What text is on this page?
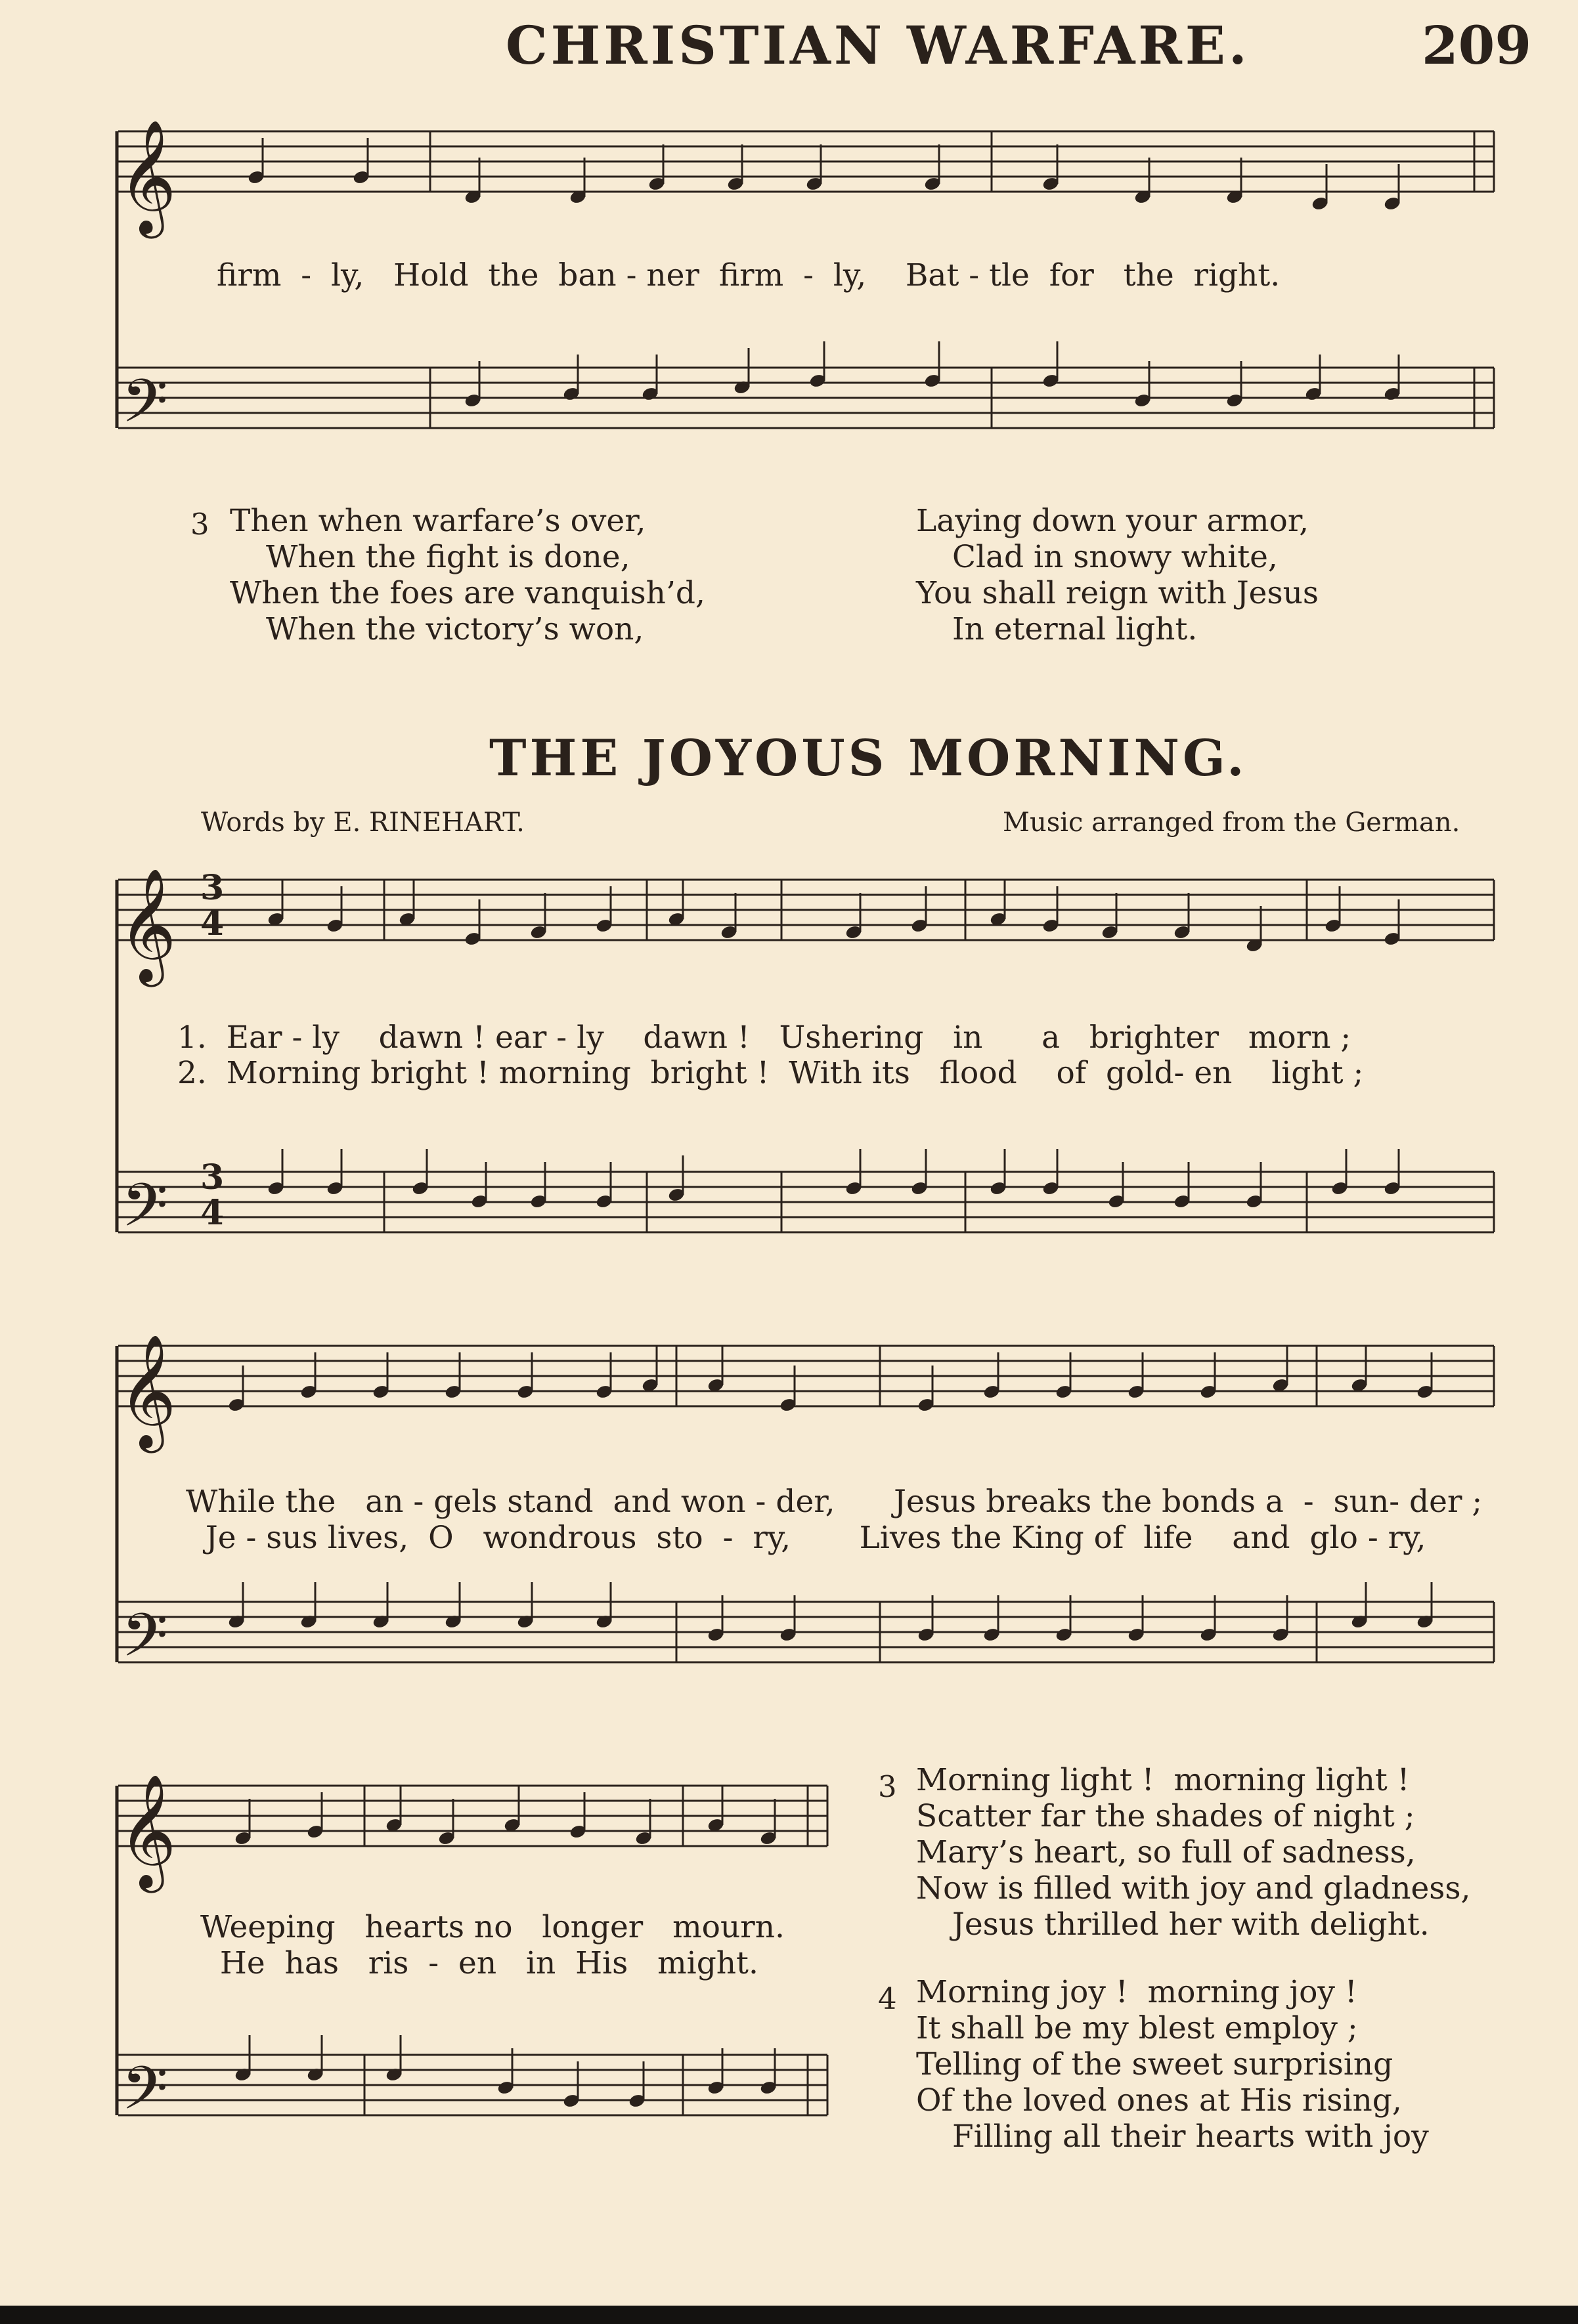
CHRISTIAN WARFARE.	209
𝄞
𝄢
𝄞
𝄢
𝄞
𝄢
𝄞
𝄢
firm  -  ly,   Hold  the  ban - ner  firm  -  ly,    Bat - tle  for   the  right.
3 Then when warfare’s over,
When the fight is done,
When the foes are vanquish’d,
When the victory’s won,
Laying down your armor,
Clad in snowy white,
You shall reign with Jesus
In eternal light.
THE JOYOUS MORNING.
Words by E. RINEHART.	Music arranged from the German.
3
4
3
4
1.  Ear - ly    dawn ! ear - ly    dawn !   Ushering   in      a   brighter   morn ;
2.  Morning bright ! morning  bright !  With its   flood    of  gold- en    light ;
While the   an - gels stand  and won - der,      Jesus breaks the bonds a  -  sun- der ;
Je - sus lives,  O   wondrous  sto  -  ry,       Lives the King of  life    and  glo - ry,
Weeping   hearts no   longer   mourn.
He  has   ris  -  en   in  His   might.
3 Morning light !  morning light !
Scatter far the shades of night ;
Mary’s heart, so full of sadness,
Now is filled with joy and gladness,
Jesus thrilled her with delight.
4 Morning joy !  morning joy !
It shall be my blest employ ;
Telling of the sweet surprising
Of the loved ones at His rising,
Filling all their hearts with joy
